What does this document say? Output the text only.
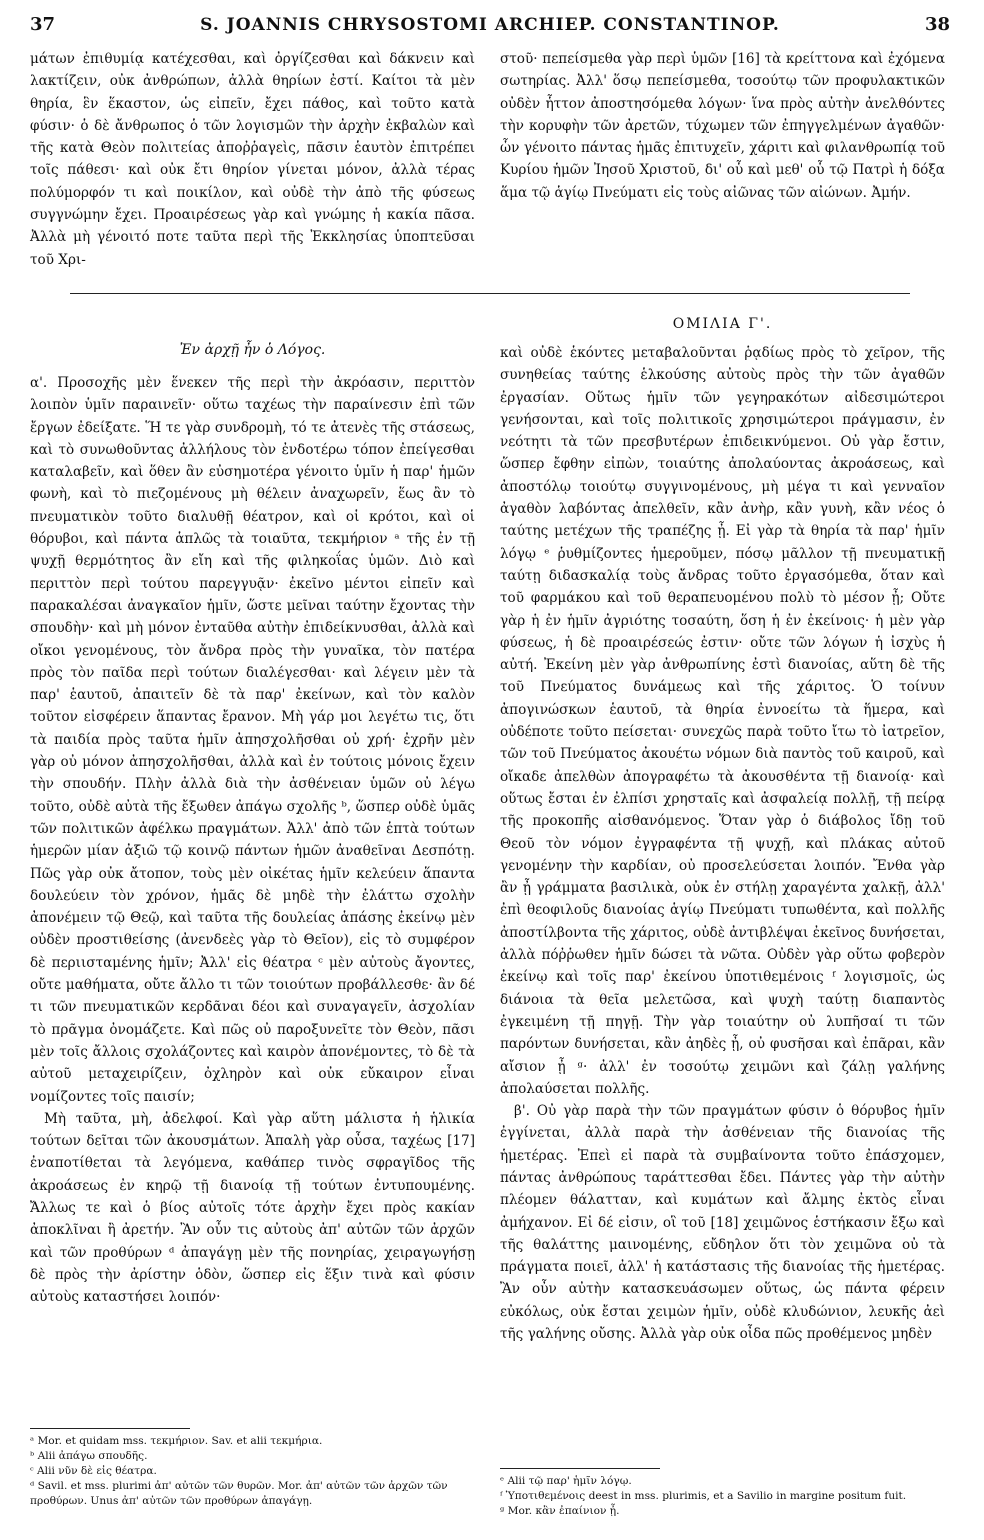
37	S. JOANNIS CHRYSOSTOMI ARCHIEP. CONSTANTINOP.	38

μάτων ἐπιθυμίᾳ κατέχεσθαι, καὶ ὀργίζεσθαι καὶ δάκνειν καὶ λακτίζειν, οὐκ ἀνθρώπων, ἀλλὰ θηρίων ἐστί. Καίτοι τὰ μὲν θηρία, ἓν ἕκαστον, ὡς εἰπεῖν, ἔχει πάθος, καὶ τοῦτο κατὰ φύσιν· ὁ δὲ ἄνθρωπος ὁ τῶν λογισμῶν τὴν ἀρχὴν ἐκβαλὼν καὶ τῆς κατὰ Θεὸν πολιτείας ἀποῤῥαγεὶς, πᾶσιν ἑαυτὸν ἐπιτρέπει τοῖς πάθεσι· καὶ οὐκ ἔτι θηρίον γίνεται μόνον, ἀλλὰ τέρας πολύμορφόν τι καὶ ποικίλον, καὶ οὐδὲ τὴν ἀπὸ τῆς φύσεως συγγνώμην ἔχει. Προαιρέσεως γὰρ καὶ γνώμης ἡ κακία πᾶσα. Ἀλλὰ μὴ γένοιτό ποτε ταῦτα περὶ τῆς Ἐκκλησίας ὑποπτεῦσαι τοῦ Χρι-

στοῦ· πεπείσμεθα γὰρ περὶ ὑμῶν [16] τὰ κρείττονα καὶ ἐχόμενα σωτηρίας. Ἀλλ' ὅσῳ πεπείσμεθα, τοσούτῳ τῶν προφυλακτικῶν οὐδὲν ἧττον ἀποστησόμεθα λόγων· ἵνα πρὸς αὐτὴν ἀνελθόντες τὴν κορυφὴν τῶν ἀρετῶν, τύχωμεν τῶν ἐπηγγελμένων ἀγαθῶν· ὧν γένοιτο πάντας ἡμᾶς ἐπιτυχεῖν, χάριτι καὶ φιλανθρωπίᾳ τοῦ Κυρίου ἡμῶν Ἰησοῦ Χριστοῦ, δι' οὗ καὶ μεθ' οὗ τῷ Πατρὶ ἡ δόξα ἅμα τῷ ἁγίῳ Πνεύματι εἰς τοὺς αἰῶνας τῶν αἰώνων. Ἀμήν.

ΟΜΙΛΙΑ Γ'.
Ἐν ἀρχῇ ἦν ὁ Λόγος.

α'. Προσοχῆς μὲν ἕνεκεν τῆς περὶ τὴν ἀκρόασιν, περιττὸν λοιπὸν ὑμῖν παραινεῖν· οὕτω ταχέως τὴν παραίνεσιν ἐπὶ τῶν ἔργων ἐδείξατε. Ἥ τε γὰρ συνδρομὴ, τό τε ἀτενὲς τῆς στάσεως, καὶ τὸ συνωθοῦντας ἀλλήλους τὸν ἐνδοτέρω τόπον ἐπείγεσθαι καταλαβεῖν, καὶ ὅθεν ἂν εὐσημοτέρα γένοιτο ὑμῖν ἡ παρ' ἡμῶν φωνὴ, καὶ τὸ πιεζομένους μὴ θέλειν ἀναχωρεῖν, ἕως ἂν τὸ πνευματικὸν τοῦτο διαλυθῇ θέατρον, καὶ οἱ κρότοι, καὶ οἱ θόρυβοι, καὶ πάντα ἁπλῶς τὰ τοιαῦτα, τεκμήριον ᵃ τῆς ἐν τῇ ψυχῇ θερμότητος ἂν εἴη καὶ τῆς φιληκοΐας ὑμῶν. Διὸ καὶ περιττὸν περὶ τούτου παρεγγυᾷν· ἐκεῖνο μέντοι εἰπεῖν καὶ παρακαλέσαι ἀναγκαῖον ἡμῖν, ὥστε μεῖναι ταύτην ἔχοντας τὴν σπουδὴν· καὶ μὴ μόνον ἐνταῦθα αὐτὴν ἐπιδείκνυσθαι, ἀλλὰ καὶ οἴκοι γενομένους, τὸν ἄνδρα πρὸς τὴν γυναῖκα, τὸν πατέρα πρὸς τὸν παῖδα περὶ τούτων διαλέγεσθαι· καὶ λέγειν μὲν τὰ παρ' ἑαυτοῦ, ἀπαιτεῖν δὲ τὰ παρ' ἐκείνων, καὶ τὸν καλὸν τοῦτον εἰσφέρειν ἅπαντας ἔρανον. Μὴ γάρ μοι λεγέτω τις, ὅτι τὰ παιδία πρὸς ταῦτα ἡμῖν ἀπησχολῆσθαι οὐ χρή· ἐχρῆν μὲν γὰρ οὐ μόνον ἀπησχολῆσθαι, ἀλλὰ καὶ ἐν τούτοις μόνοις ἔχειν τὴν σπουδήν. Πλὴν ἀλλὰ διὰ τὴν ἀσθένειαν ὑμῶν οὐ λέγω τοῦτο, οὐδὲ αὐτὰ τῆς ἔξωθεν ἀπάγω σχολῆς ᵇ, ὥσπερ οὐδὲ ὑμᾶς τῶν πολιτικῶν ἀφέλκω πραγμάτων. Ἀλλ' ἀπὸ τῶν ἑπτὰ τούτων ἡμερῶν μίαν ἀξιῶ τῷ κοινῷ πάντων ἡμῶν ἀναθεῖναι Δεσπότῃ. Πῶς γὰρ οὐκ ἄτοπον, τοὺς μὲν οἰκέτας ἡμῖν κελεύειν ἅπαντα δουλεύειν τὸν χρόνον, ἡμᾶς δὲ μηδὲ τὴν ἐλάττω σχολὴν ἀπονέμειν τῷ Θεῷ, καὶ ταῦτα τῆς δουλείας ἁπάσης ἐκείνῳ μὲν οὐδὲν προστιθείσης (ἀνενδεὲς γὰρ τὸ Θεῖον), εἰς τὸ συμφέρον δὲ περιισταμένης ἡμῖν; Ἀλλ' εἰς θέατρα ᶜ μὲν αὐτοὺς ἄγοντες, οὔτε μαθήματα, οὔτε ἄλλο τι τῶν τοιούτων προβάλλεσθε· ἂν δέ τι τῶν πνευματικῶν κερδᾶναι δέοι καὶ συναγαγεῖν, ἀσχολίαν τὸ πρᾶγμα ὀνομάζετε. Καὶ πῶς οὐ παροξυνεῖτε τὸν Θεὸν, πᾶσι μὲν τοῖς ἄλλοις σχολάζοντες καὶ καιρὸν ἀπονέμοντες, τὸ δὲ τὰ αὐτοῦ μεταχειρίζειν, ὀχληρὸν καὶ οὐκ εὔκαιρον εἶναι νομίζοντες τοῖς παισίν;

Μὴ ταῦτα, μὴ, ἀδελφοί. Καὶ γὰρ αὕτη μάλιστα ἡ ἡλικία τούτων δεῖται τῶν ἀκουσμάτων. Ἁπαλὴ γὰρ οὖσα, ταχέως [17] ἐναποτίθεται τὰ λεγόμενα, καθάπερ τινὸς σφραγῖδος τῆς ἀκροάσεως ἐν κηρῷ τῇ διανοίᾳ τῇ τούτων ἐντυπουμένης. Ἄλλως τε καὶ ὁ βίος αὐτοῖς τότε ἀρχὴν ἔχει πρὸς κακίαν ἀποκλῖναι ἢ ἀρετήν. Ἂν οὖν τις αὐτοὺς ἀπ' αὐτῶν τῶν ἀρχῶν καὶ τῶν προθύρων ᵈ ἀπαγάγῃ μὲν τῆς πονηρίας, χειραγωγήσῃ δὲ πρὸς τὴν ἀρίστην ὁδὸν, ὥσπερ εἰς ἕξιν τινὰ καὶ φύσιν αὐτοὺς καταστήσει λοιπόν·

καὶ οὐδὲ ἑκόντες μεταβαλοῦνται ῥᾳδίως πρὸς τὸ χεῖρον, τῆς συνηθείας ταύτης ἑλκούσης αὐτοὺς πρὸς τὴν τῶν ἀγαθῶν ἐργασίαν. Οὕτως ἡμῖν τῶν γεγηρακότων αἰδεσιμώτεροι γενήσονται, καὶ τοῖς πολιτικοῖς χρησιμώτεροι πράγμασιν, ἐν νεότητι τὰ τῶν πρεσβυτέρων ἐπιδεικνύμενοι. Οὐ γὰρ ἔστιν, ὥσπερ ἔφθην εἰπὼν, τοιαύτης ἀπολαύοντας ἀκροάσεως, καὶ ἀποστόλῳ τοιούτῳ συγγινομένους, μὴ μέγα τι καὶ γενναῖον ἀγαθὸν λαβόντας ἀπελθεῖν, κἂν ἀνὴρ, κἂν γυνὴ, κἂν νέος ὁ ταύτης μετέχων τῆς τραπέζης ᾖ. Εἰ γὰρ τὰ θηρία τὰ παρ' ἡμῖν λόγῳ ᵉ ῥυθμίζοντες ἡμεροῦμεν, πόσῳ μᾶλλον τῇ πνευματικῇ ταύτῃ διδασκαλίᾳ τοὺς ἄνδρας τοῦτο ἐργασόμεθα, ὅταν καὶ τοῦ φαρμάκου καὶ τοῦ θεραπευομένου πολὺ τὸ μέσον ᾖ; Οὔτε γὰρ ἡ ἐν ἡμῖν ἀγριότης τοσαύτη, ὅση ἡ ἐν ἐκείνοις· ἡ μὲν γὰρ φύσεως, ἡ δὲ προαιρέσεώς ἐστιν· οὔτε τῶν λόγων ἡ ἰσχὺς ἡ αὐτή. Ἐκείνη μὲν γὰρ ἀνθρωπίνης ἐστὶ διανοίας, αὕτη δὲ τῆς τοῦ Πνεύματος δυνάμεως καὶ τῆς χάριτος. Ὁ τοίνυν ἀπογινώσκων ἑαυτοῦ, τὰ θηρία ἐννοείτω τὰ ἥμερα, καὶ οὐδέποτε τοῦτο πείσεται· συνεχῶς παρὰ τοῦτο ἴτω τὸ ἰατρεῖον, τῶν τοῦ Πνεύματος ἀκουέτω νόμων διὰ παντὸς τοῦ καιροῦ, καὶ οἴκαδε ἀπελθὼν ἀπογραφέτω τὰ ἀκουσθέντα τῇ διανοίᾳ· καὶ οὕτως ἔσται ἐν ἐλπίσι χρησταῖς καὶ ἀσφαλείᾳ πολλῇ, τῇ πείρᾳ τῆς προκοπῆς αἰσθανόμενος. Ὅταν γὰρ ὁ διάβολος ἴδῃ τοῦ Θεοῦ τὸν νόμον ἐγγραφέντα τῇ ψυχῇ, καὶ πλάκας αὐτοῦ γενομένην τὴν καρδίαν, οὐ προσελεύσεται λοιπόν. Ἔνθα γὰρ ἂν ᾖ γράμματα βασιλικὰ, οὐκ ἐν στήλῃ χαραγέντα χαλκῇ, ἀλλ' ἐπὶ θεοφιλοῦς διανοίας ἁγίῳ Πνεύματι τυπωθέντα, καὶ πολλῆς ἀποστίλβοντα τῆς χάριτος, οὐδὲ ἀντιβλέψαι ἐκεῖνος δυνήσεται, ἀλλὰ πόῤῥωθεν ἡμῖν δώσει τὰ νῶτα. Οὐδὲν γὰρ οὕτω φοβερὸν ἐκείνῳ καὶ τοῖς παρ' ἐκείνου ὑποτιθεμένοις ᶠ λογισμοῖς, ὡς διάνοια τὰ θεῖα μελετῶσα, καὶ ψυχὴ ταύτῃ διαπαντὸς ἐγκειμένη τῇ πηγῇ. Τὴν γὰρ τοιαύτην οὐ λυπῆσαί τι τῶν παρόντων δυνήσεται, κἂν ἀηδὲς ᾖ, οὐ φυσῆσαι καὶ ἐπᾶραι, κἂν αἴσιον ᾖ ᵍ· ἀλλ' ἐν τοσούτῳ χειμῶνι καὶ ζάλῃ γαλήνης ἀπολαύσεται πολλῆς.

β'. Οὐ γὰρ παρὰ τὴν τῶν πραγμάτων φύσιν ὁ θόρυβος ἡμῖν ἐγγίνεται, ἀλλὰ παρὰ τὴν ἀσθένειαν τῆς διανοίας τῆς ἡμετέρας. Ἐπεὶ εἰ παρὰ τὰ συμβαίνοντα τοῦτο ἐπάσχομεν, πάντας ἀνθρώπους ταράττεσθαι ἔδει. Πάντες γὰρ τὴν αὐτὴν πλέομεν θάλατταν, καὶ κυμάτων καὶ ἄλμης ἐκτὸς εἶναι ἀμήχανον. Εἰ δέ εἰσιν, οἳ τοῦ [18] χειμῶνος ἑστήκασιν ἔξω καὶ τῆς θαλάττης μαινομένης, εὔδηλον ὅτι τὸν χειμῶνα οὐ τὰ πράγματα ποιεῖ, ἀλλ' ἡ κατάστασις τῆς διανοίας τῆς ἡμετέρας. Ἂν οὖν αὐτὴν κατασκευάσωμεν οὕτως, ὡς πάντα φέρειν εὐκόλως, οὐκ ἔσται χειμὼν ἡμῖν, οὐδὲ κλυδώνιον, λευκῆς ἀεὶ τῆς γαλήνης οὔσης. Ἀλλὰ γὰρ οὐκ οἶδα πῶς προθέμενος μηδὲν

ᵃ Mor. et quidam mss. τεκμήριον. Sav. et alii τεκμήρια.

ᵇ Alii ἀπάγω σπουδῆς.

ᶜ Alii νῦν δὲ εἰς θέατρα.

ᵈ Savil. et mss. plurimi ἀπ' αὐτῶν τῶν θυρῶν. Mor. ἀπ' αὐτῶν τῶν ἀρχῶν τῶν προθύρων. Unus ἀπ' αὐτῶν τῶν προθύρων ἀπαγάγῃ.

ᵉ Alii τῷ παρ' ἡμῖν λόγῳ.

ᶠ Ὑποτιθεμένοις deest in mss. plurimis, et a Savilio in margine positum fuit.

ᵍ Mor. κἂν ἐπαίνιον ᾖ.
